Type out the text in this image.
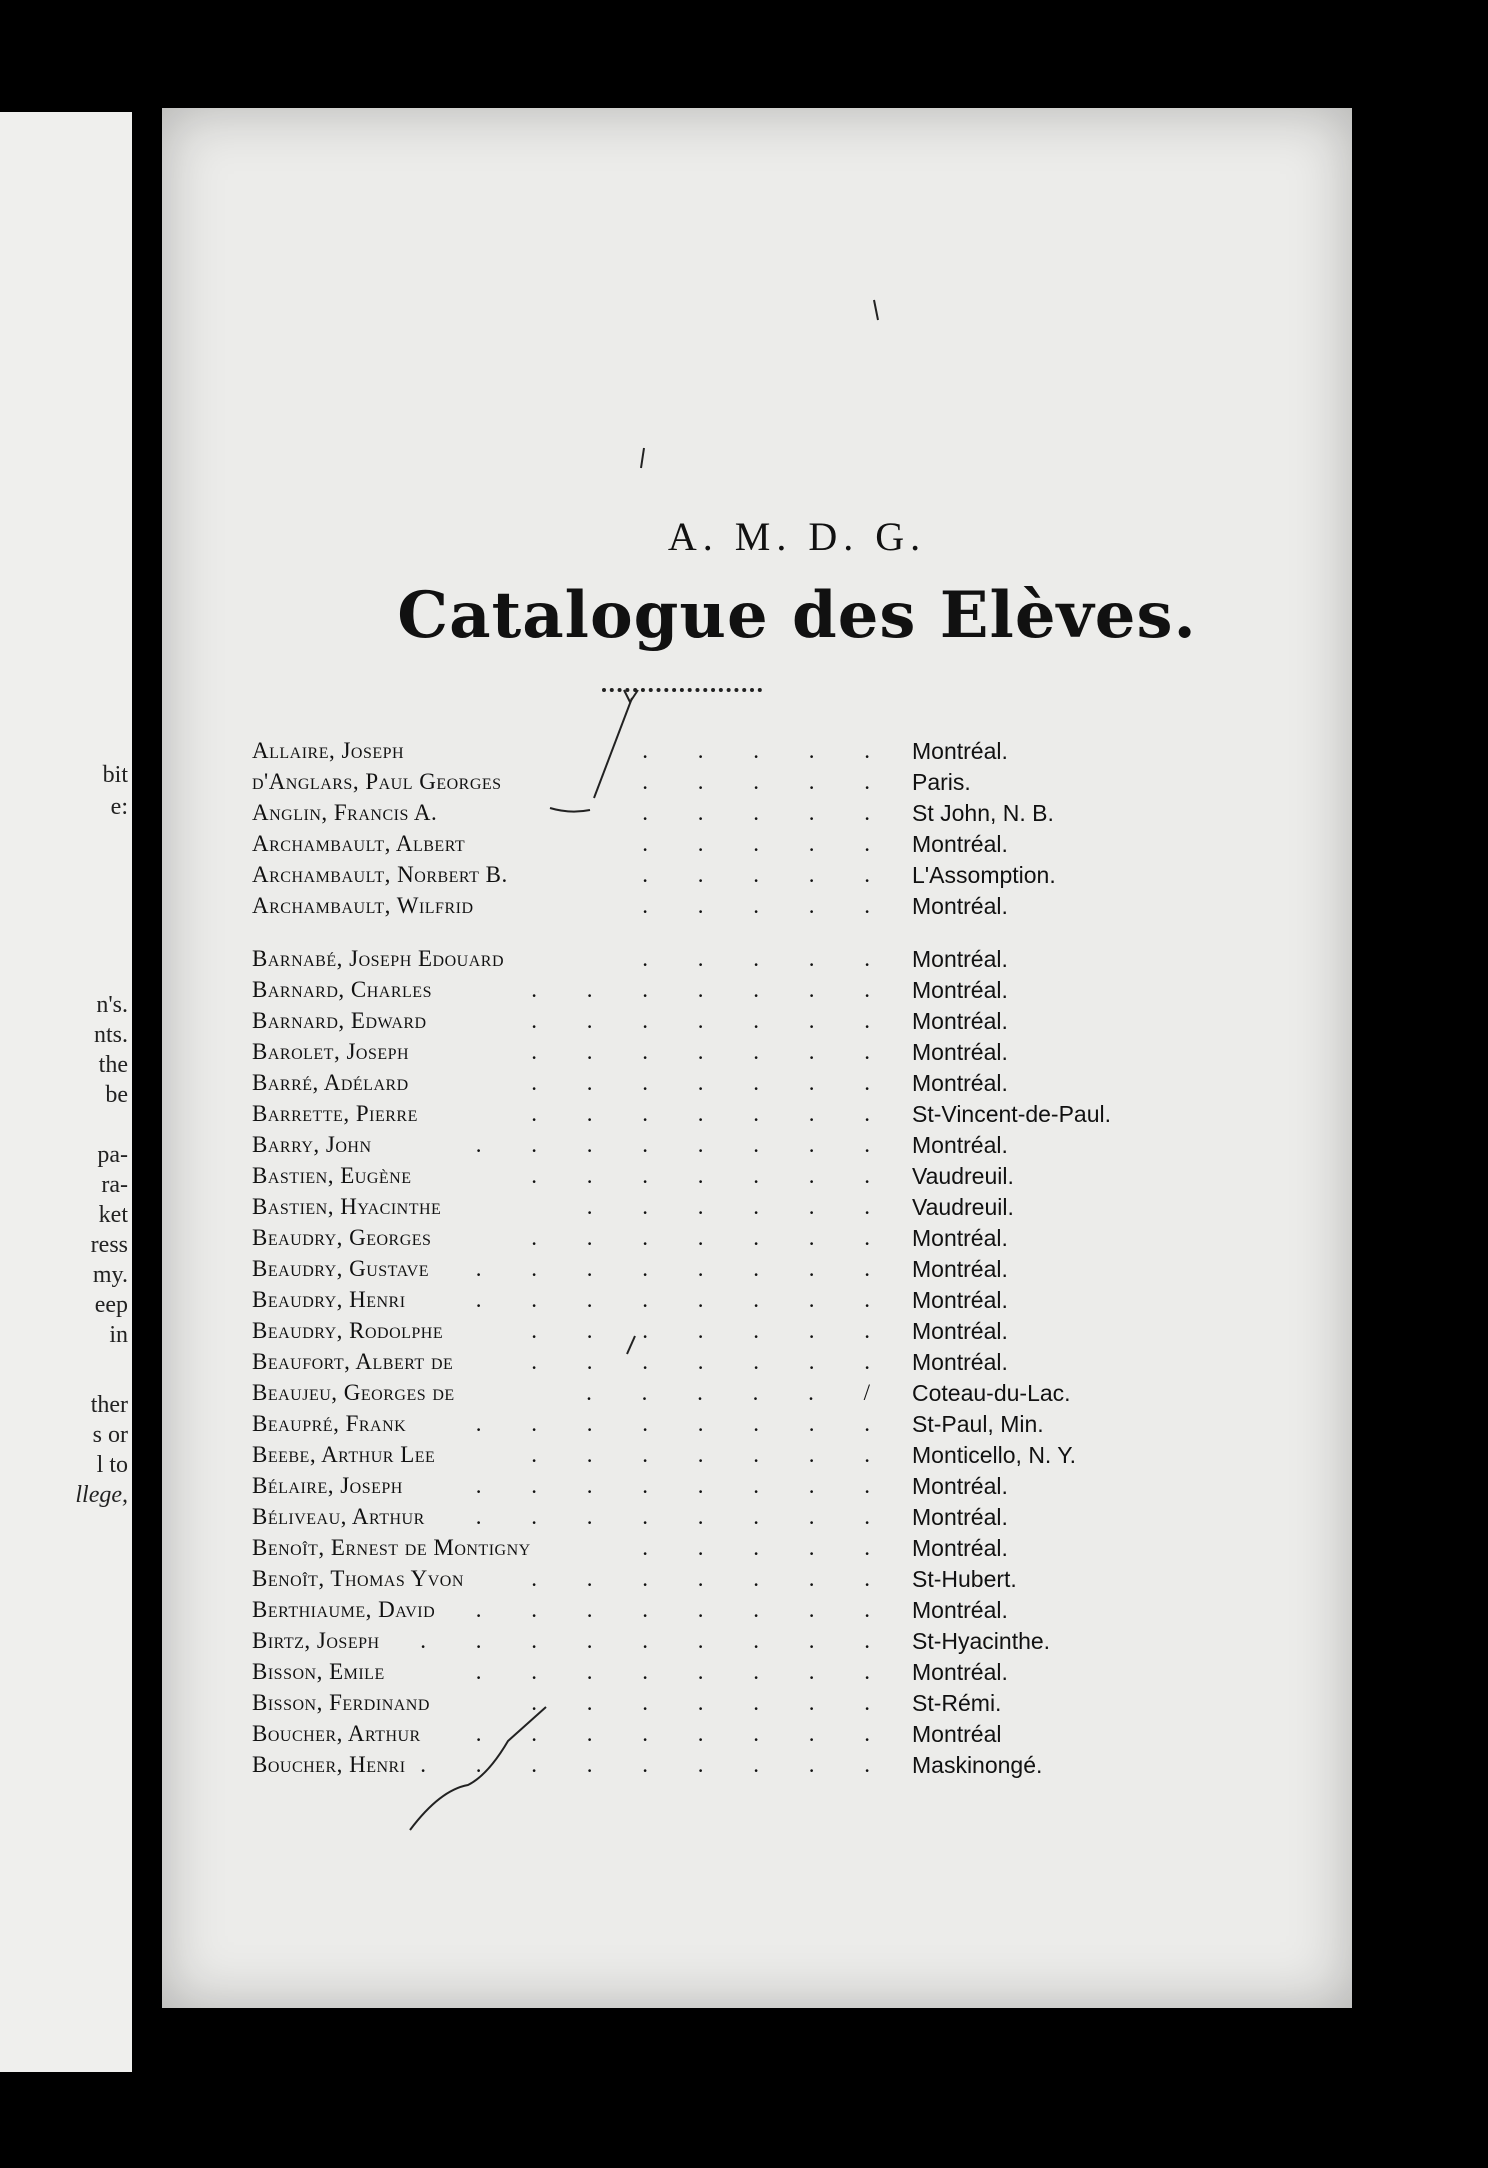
bit
e:
n's.
nts.
the
be
pa-
ra-
ket
ress
my.
eep
in
ther
s or
l to
llege,
A. M. D. G.
Catalogue des Elèves.
Allaire, Joseph	. . . . . Montréal.
d'Anglars, Paul Georges	. . . . . Paris.
Anglin, Francis A.	. . . . . St John, N. B.
Archambault, Albert	. . . . . Montréal.
Archambault, Norbert B.	. . . . . L'Assomption.
Archambault, Wilfrid	. . . . . Montréal.
Barnabé, Joseph Edouard	. . . . . Montréal.
Barnard, Charles	. . . . . . . Montréal.
Barnard, Edward	. . . . . . . Montréal.
Barolet, Joseph	. . . . . . . Montréal.
Barré, Adélard	. . . . . . . Montréal.
Barrette, Pierre	. . . . . . . St-Vincent-de-Paul.
Barry, John	. . . . . . . . Montréal.
Bastien, Eugène	. . . . . . . Vaudreuil.
Bastien, Hyacinthe	. . . . . . Vaudreuil.
Beaudry, Georges	. . . . . . . Montréal.
Beaudry, Gustave	. . . . . . . . Montréal.
Beaudry, Henri	. . . . . . . . Montréal.
Beaudry, Rodolphe	. . . . . . . Montréal.
Beaufort, Albert de	. . . . . . . Montréal.
Beaujeu, Georges de	. . . . . / Coteau-du-Lac.
Beaupré, Frank	. . . . . . . . St-Paul, Min.
Beebe, Arthur Lee	. . . . . . . Monticello, N. Y.
Bélaire, Joseph	. . . . . . . . Montréal.
Béliveau, Arthur	. . . . . . . . Montréal.
Benoît, Ernest de Montigny	. . . . . Montréal.
Benoît, Thomas Yvon	. . . . . . . St-Hubert.
Berthiaume, David	. . . . . . . . Montréal.
Birtz, Joseph	. . . . . . . . . St-Hyacinthe.
Bisson, Emile	. . . . . . . . Montréal.
Bisson, Ferdinand	. . . . . . . St-Rémi.
Boucher, Arthur	. . . . . . . . Montréal
Boucher, Henri . . . . . . . . . Maskinongé.
